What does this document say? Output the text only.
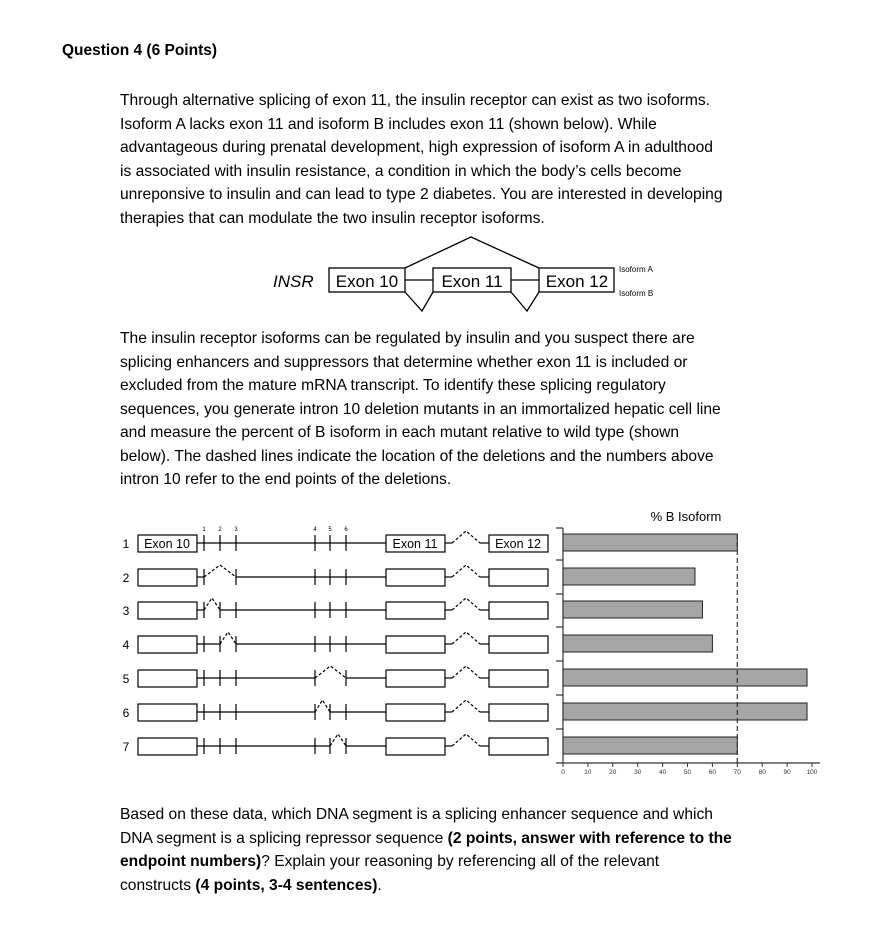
Question 4 (6 Points)
Through alternative splicing of exon 11, the insulin receptor can exist as two isoforms.
Isoform A lacks exon 11 and isoform B includes exon 11 (shown below). While
advantageous during prenatal development, high expression of isoform A in adulthood
is associated with insulin resistance, a condition in which the body’s cells become
unreponsive to insulin and can lead to type 2 diabetes. You are interested in developing
therapies that can modulate the two insulin receptor isoforms.
The insulin receptor isoforms can be regulated by insulin and you suspect there are
splicing enhancers and suppressors that determine whether exon 11 is included or
excluded from the mature mRNA transcript. To identify these splicing regulatory
sequences, you generate intron 10 deletion mutants in an immortalized hepatic cell line
and measure the percent of B isoform in each mutant relative to wild type (shown
below). The dashed lines indicate the location of the deletions and the numbers above
intron 10 refer to the end points of the deletions.
Based on these data, which DNA segment is a splicing enhancer sequence and which
DNA segment is a splicing repressor sequence (2 points, answer with reference to the
endpoint numbers)? Explain your reasoning by referencing all of the relevant
constructs (4 points, 3-4 sentences).
INSR Exon 10	Exon 11	Exon 12
Isoform A
Isoform B
1 2 3	4 5 6
1 Exon 10	Exon 11	Exon 12
2
3
4
5
6
7
% B Isoform
0	10	20	30	40	50	60	70	80	90 100
